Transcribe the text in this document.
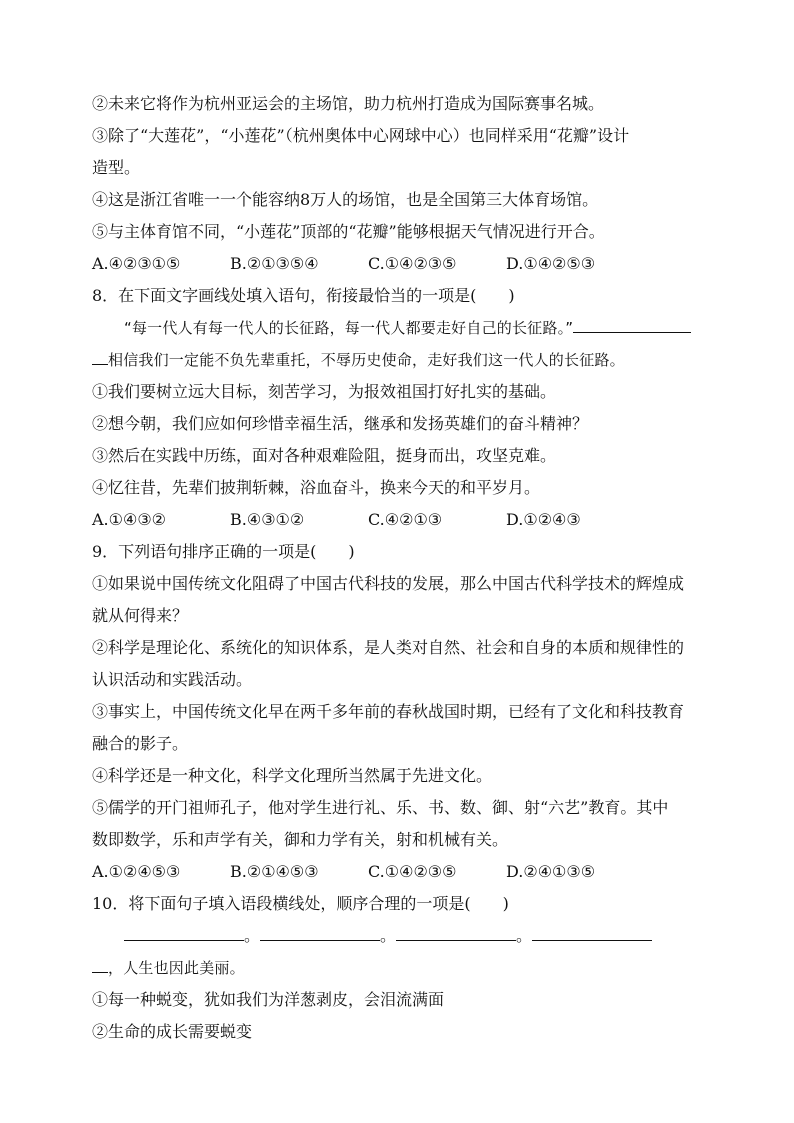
②未来它将作为杭州亚运会的主场馆，助力杭州打造成为国际赛事名城。
③除了“大莲花”，“小莲花”（杭州奥体中心网球中心）也同样采用“花瓣”设计
造型。
④这是浙江省唯一一个能容纳8万人的场馆，也是全国第三大体育场馆。
⑤与主体育馆不同，“小莲花”顶部的“花瓣”能够根据天气情况进行开合。
A.④②③①⑤	B.②①③⑤④	C.①④②③⑤	D.①④②⑤③
8．在下面文字画线处填入语句，衔接最恰当的一项是(　　)
“每一代人有每一代人的长征路，每一代人都要走好自己的长征路。”
相信我们一定能不负先辈重托，不辱历史使命，走好我们这一代人的长征路。
①我们要树立远大目标，刻苦学习，为报效祖国打好扎实的基础。
②想今朝，我们应如何珍惜幸福生活，继承和发扬英雄们的奋斗精神？
③然后在实践中历练，面对各种艰难险阻，挺身而出，攻坚克难。
④忆往昔，先辈们披荆斩棘，浴血奋斗，换来今天的和平岁月。
A.①④③②	B.④③①②	C.④②①③	D.①②④③
9．下列语句排序正确的一项是(　　)
①如果说中国传统文化阻碍了中国古代科技的发展，那么中国古代科学技术的辉煌成
就从何得来？
②科学是理论化、系统化的知识体系，是人类对自然、社会和自身的本质和规律性的
认识活动和实践活动。
③事实上，中国传统文化早在两千多年前的春秋战国时期，已经有了文化和科技教育
融合的影子。
④科学还是一种文化，科学文化理所当然属于先进文化。
⑤儒学的开门祖师孔子，他对学生进行礼、乐、书、数、御、射“六艺”教育。其中
数即数学，乐和声学有关，御和力学有关，射和机械有关。
A.①②④⑤③	B.②①④⑤③	C.①④②③⑤	D.②④①③⑤
10．将下面句子填入语段横线处，顺序合理的一项是(　　)
。	。	。
，人生也因此美丽。
①每一种蜕变，犹如我们为洋葱剥皮，会泪流满面
②生命的成长需要蜕变
